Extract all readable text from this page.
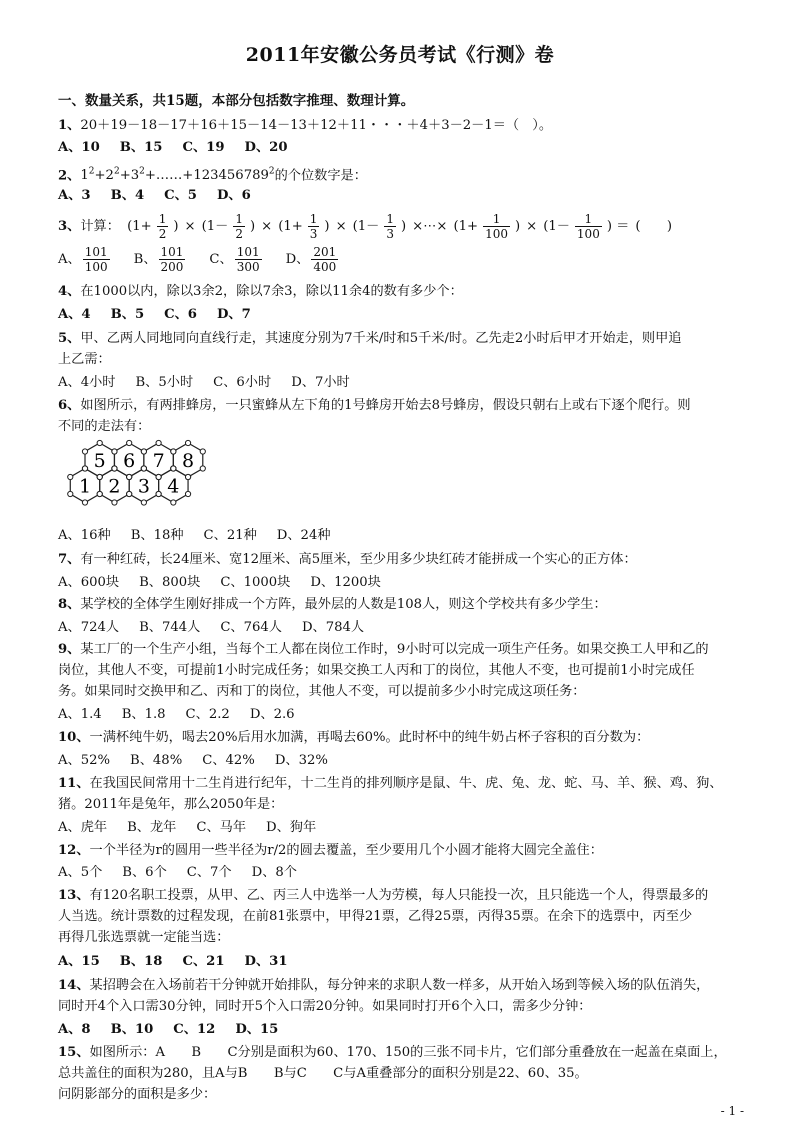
2011年安徽公务员考试《行测》卷
一、数量关系，共15题，本部分包括数字推理、数理计算。
1、20＋19－18－17＋16＋15－14－13＋12＋11・・・＋4＋3－2－1＝（　）。
A、10 B、15 C、19 D、20
2、$1^2+2^2+3^2+\dots\dots+123456789^2$的个位数字是：
A、3 B、4 C、5 D、6
3、计算： ($1+ \frac{1}{2}$ ) × ($1- \frac{1}{2}$ ) × ($1+ \frac{1}{3}$ ) × ($1- \frac{1}{3}$ ) ×⋯× ($1+ \frac{1}{100}$ ) × ($1- \frac{1}{100}$ ) ＝ (　　)
A、 $\frac{101}{100}$ B、 $\frac{101}{200}$ C、 $\frac{101}{300}$ D、 $\frac{201}{400}$
4、在1000以内，除以3余2，除以7余3，除以11余4的数有多少个：
A、4 B、5 C、6 D、7
5、甲、乙两人同地同向直线行走，其速度分别为7千米/时和5千米/时。乙先走2小时后甲才开始走，则甲追
上乙需：
A、4小时 B、5小时 C、6小时 D、7小时
6、如图所示，有两排蜂房，一只蜜蜂从左下角的1号蜂房开始去8号蜂房，假设只朝右上或右下逐个爬行。则
不同的走法有：
5 6 7 8
1 2 3 4
A、16种 B、18种 C、21种 D、24种
7、有一种红砖，长24厘米、宽12厘米、高5厘米，至少用多少块红砖才能拼成一个实心的正方体：
A、600块 B、800块 C、1000块 D、1200块
8、某学校的全体学生刚好排成一个方阵，最外层的人数是108人，则这个学校共有多少学生：
A、724人 B、744人 C、764人 D、784人
9、某工厂的一个生产小组，当每个工人都在岗位工作时，9小时可以完成一项生产任务。如果交换工人甲和乙的
岗位，其他人不变，可提前1小时完成任务；如果交换工人丙和丁的岗位，其他人不变，也可提前1小时完成任
务。如果同时交换甲和乙、丙和丁的岗位，其他人不变，可以提前多少小时完成这项任务：
A、1.4 B、1.8 C、2.2 D、2.6
10、一满杯纯牛奶，喝去20%后用水加满，再喝去60%。此时杯中的纯牛奶占杯子容积的百分数为：
A、52% B、48% C、42% D、32%
11、在我国民间常用十二生肖进行纪年，十二生肖的排列顺序是鼠、牛、虎、兔、龙、蛇、马、羊、猴、鸡、狗、
猪。2011年是兔年，那么2050年是：
A、虎年 B、龙年 C、马年 D、狗年
12、一个半径为r的圆用一些半径为r/2的圆去覆盖，至少要用几个小圆才能将大圆完全盖住：
A、5个 B、6个 C、7个 D、8个
13、有120名职工投票，从甲、乙、丙三人中选举一人为劳模，每人只能投一次，且只能选一个人，得票最多的
人当选。统计票数的过程发现，在前81张票中，甲得21票，乙得25票，丙得35票。在余下的选票中，丙至少
再得几张选票就一定能当选：
A、15 B、18 C、21 D、31
14、某招聘会在入场前若干分钟就开始排队，每分钟来的求职人数一样多，从开始入场到等候入场的队伍消失，
同时开4个入口需30分钟，同时开5个入口需20分钟。如果同时打开6个入口，需多少分钟：
A、8 B、10 C、12 D、15
15、如图所示：A　　B　　C分别是面积为60、170、150的三张不同卡片，它们部分重叠放在一起盖在桌面上，
总共盖住的面积为280，且A与B　　B与C　　C与A重叠部分的面积分别是22、60、35。
问阴影部分的面积是多少：
- 1 -
